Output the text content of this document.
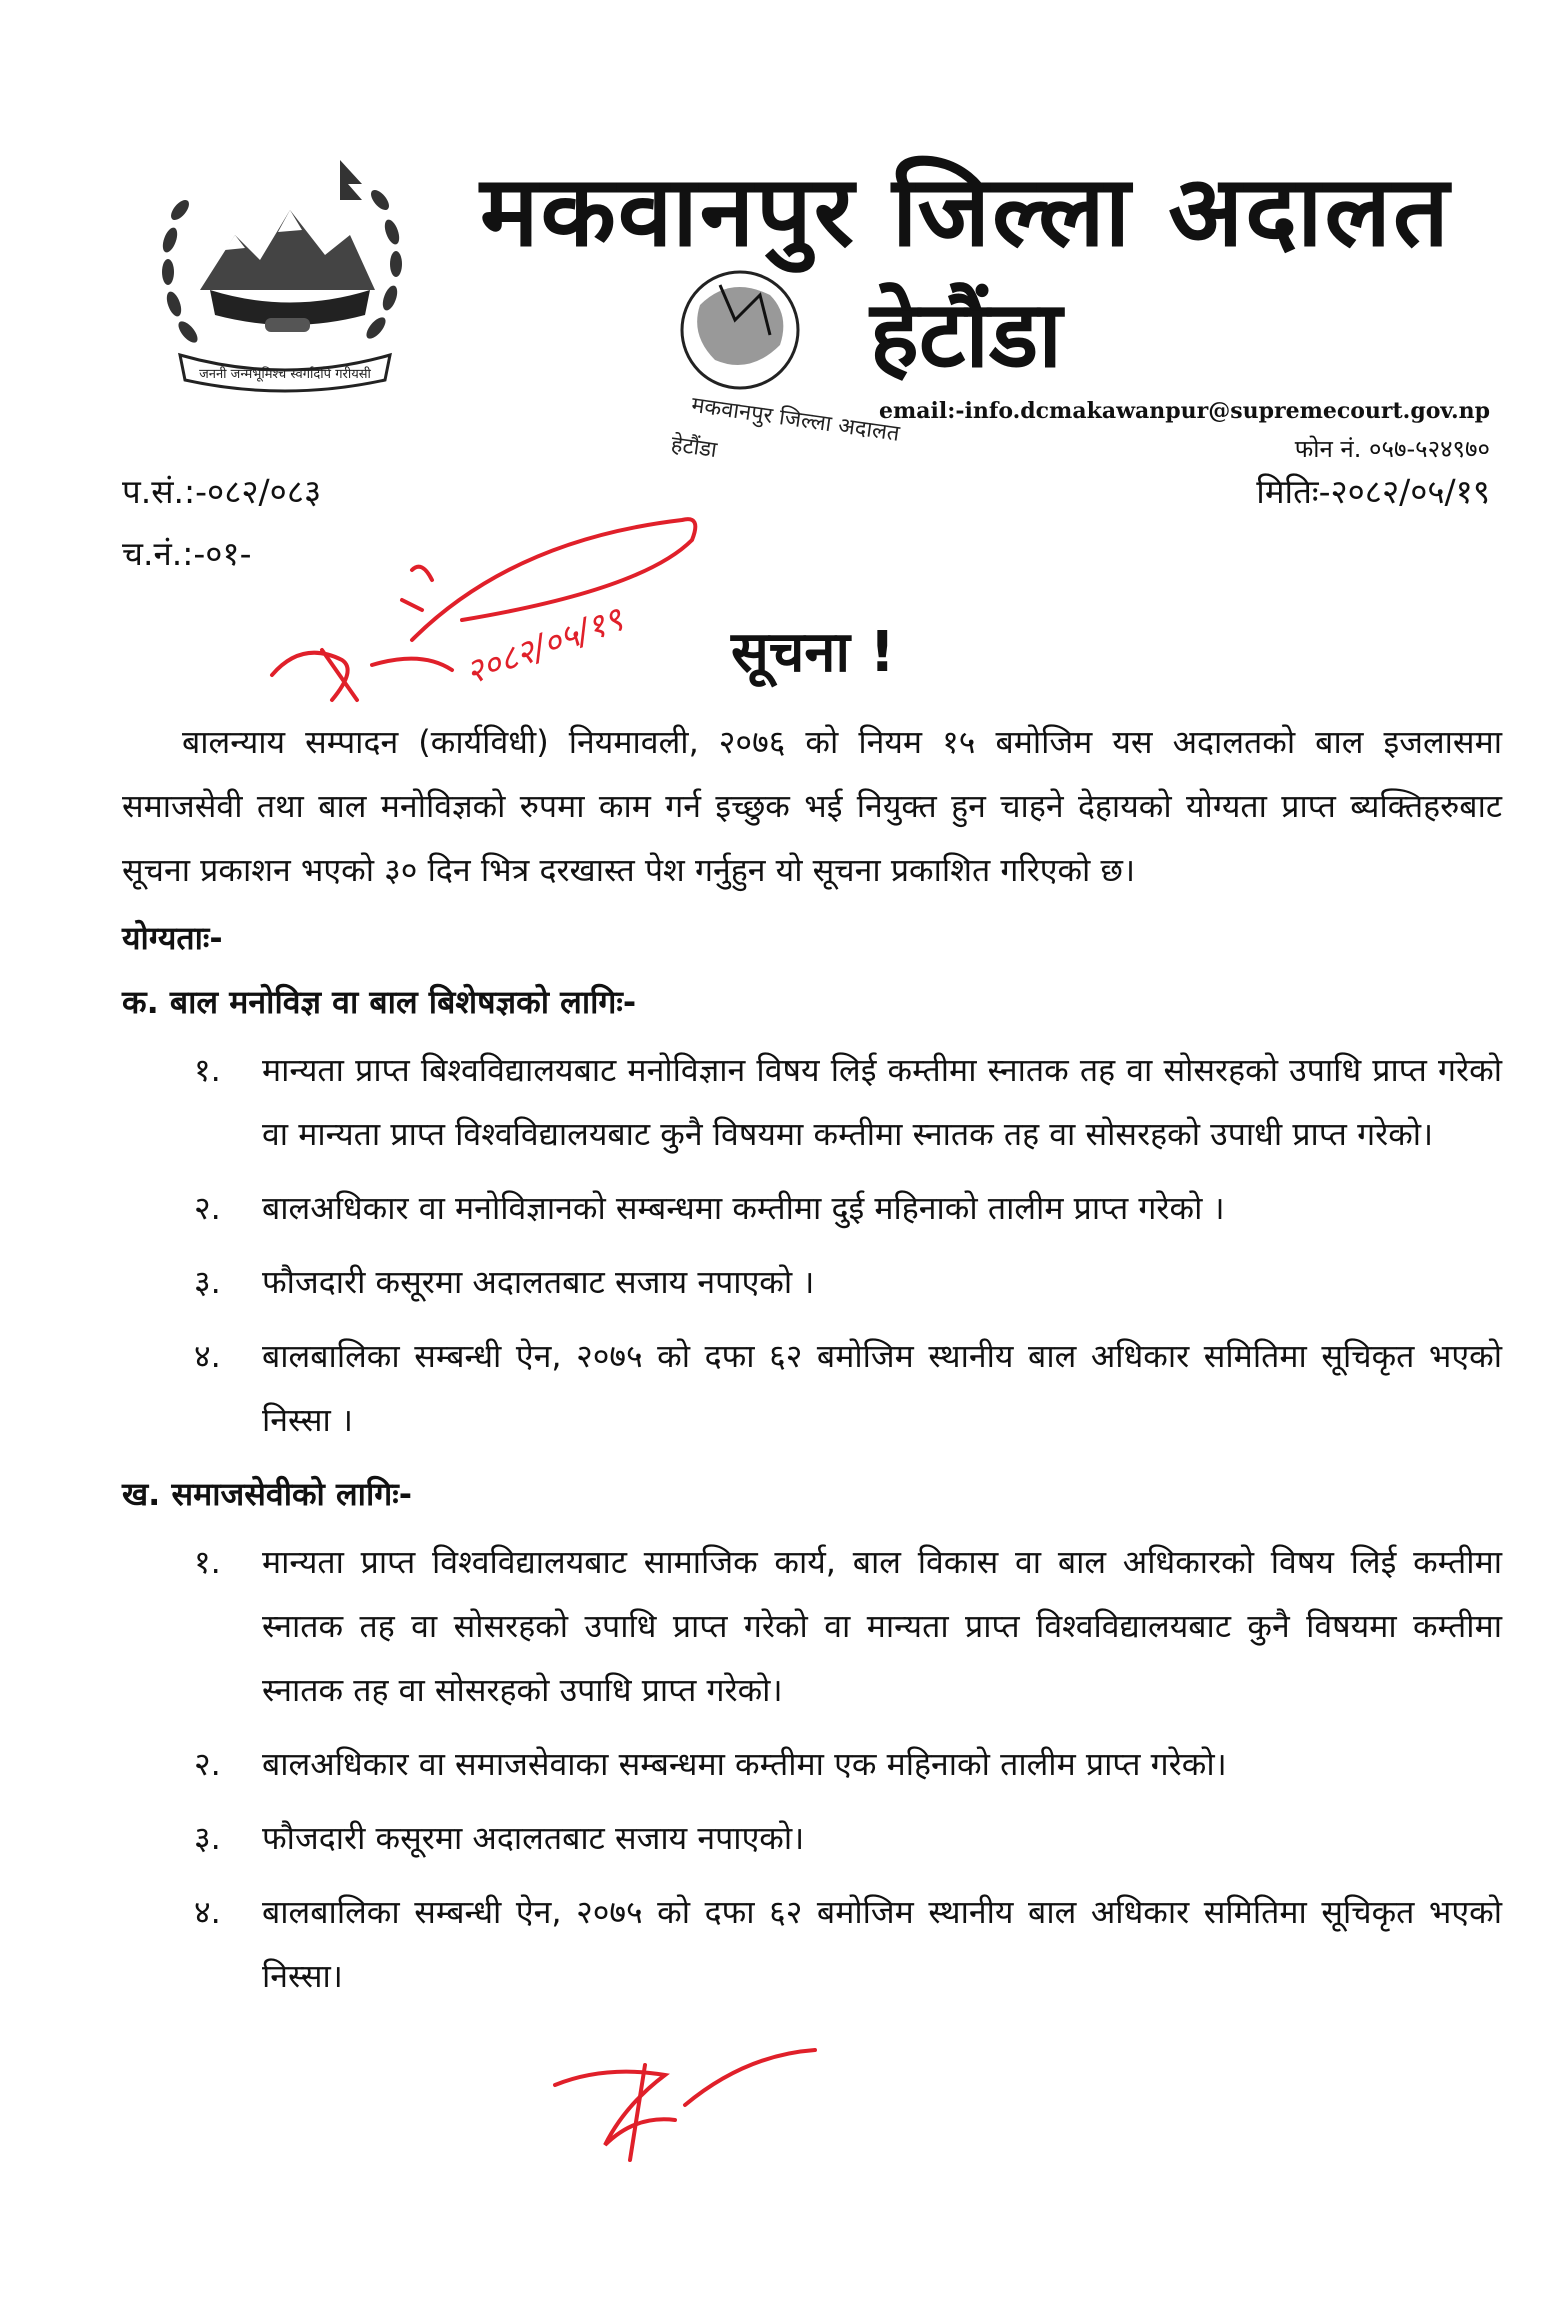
जननी जन्मभूमिश्च स्वर्गादपि गरीयसी
मकवानपुर जिल्ला अदालत
मकवानपुर जिल्ला अदालत
हेटौंडा
हेटौंडा
email:-info.dcmakawanpur@supremecourt.gov.np
फोन नं. ०५७-५२४९७०
प.सं.:-०८२/०८३
च.नं.:-०१-
मितिः-२०८२/०५/१९
२०८२/०५/१९	सूचना !

बालन्याय सम्पादन (कार्यविधी) नियमावली, २०७६ को नियम १५ बमोजिम यस अदालतको बाल इजलासमा समाजसेवी तथा बाल मनोविज्ञको रुपमा काम गर्न इच्छुक भई नियुक्त हुन चाहने देहायको योग्यता प्राप्त ब्यक्तिहरुबाट सूचना प्रकाशन भएको ३० दिन भित्र दरखास्त पेश गर्नुहुन यो सूचना प्रकाशित गरिएको छ।

योग्यताः-

क. बाल मनोविज्ञ वा बाल बिशेषज्ञको लागिः-

१. मान्यता प्राप्त बिश्वविद्यालयबाट मनोविज्ञान विषय लिई कम्तीमा स्नातक तह वा सोसरहको उपाधि प्राप्त गरेको वा मान्यता प्राप्त विश्वविद्यालयबाट कुनै विषयमा कम्तीमा स्नातक तह वा सोसरहको उपाधी प्राप्त गरेको।
२. बालअधिकार वा मनोविज्ञानको सम्बन्धमा कम्तीमा दुई महिनाको तालीम प्राप्त गरेको ।
३. फौजदारी कसूरमा अदालतबाट सजाय नपाएको ।
४. बालबालिका सम्बन्धी ऐन, २०७५ को दफा ६२ बमोजिम स्थानीय बाल अधिकार समितिमा सूचिकृत भएको निस्सा ।

ख. समाजसेवीको लागिः-

१. मान्यता प्राप्त विश्वविद्यालयबाट सामाजिक कार्य, बाल विकास वा बाल अधिकारको विषय लिई कम्तीमा स्नातक तह वा सोसरहको उपाधि प्राप्त गरेको वा मान्यता प्राप्त विश्वविद्यालयबाट कुनै विषयमा कम्तीमा स्नातक तह वा सोसरहको उपाधि प्राप्त गरेको।
२. बालअधिकार वा समाजसेवाका सम्बन्धमा कम्तीमा एक महिनाको तालीम प्राप्त गरेको।
३. फौजदारी कसूरमा अदालतबाट सजाय नपाएको।
४. बालबालिका सम्बन्धी ऐन, २०७५ को दफा ६२ बमोजिम स्थानीय बाल अधिकार समितिमा सूचिकृत भएको निस्सा।
